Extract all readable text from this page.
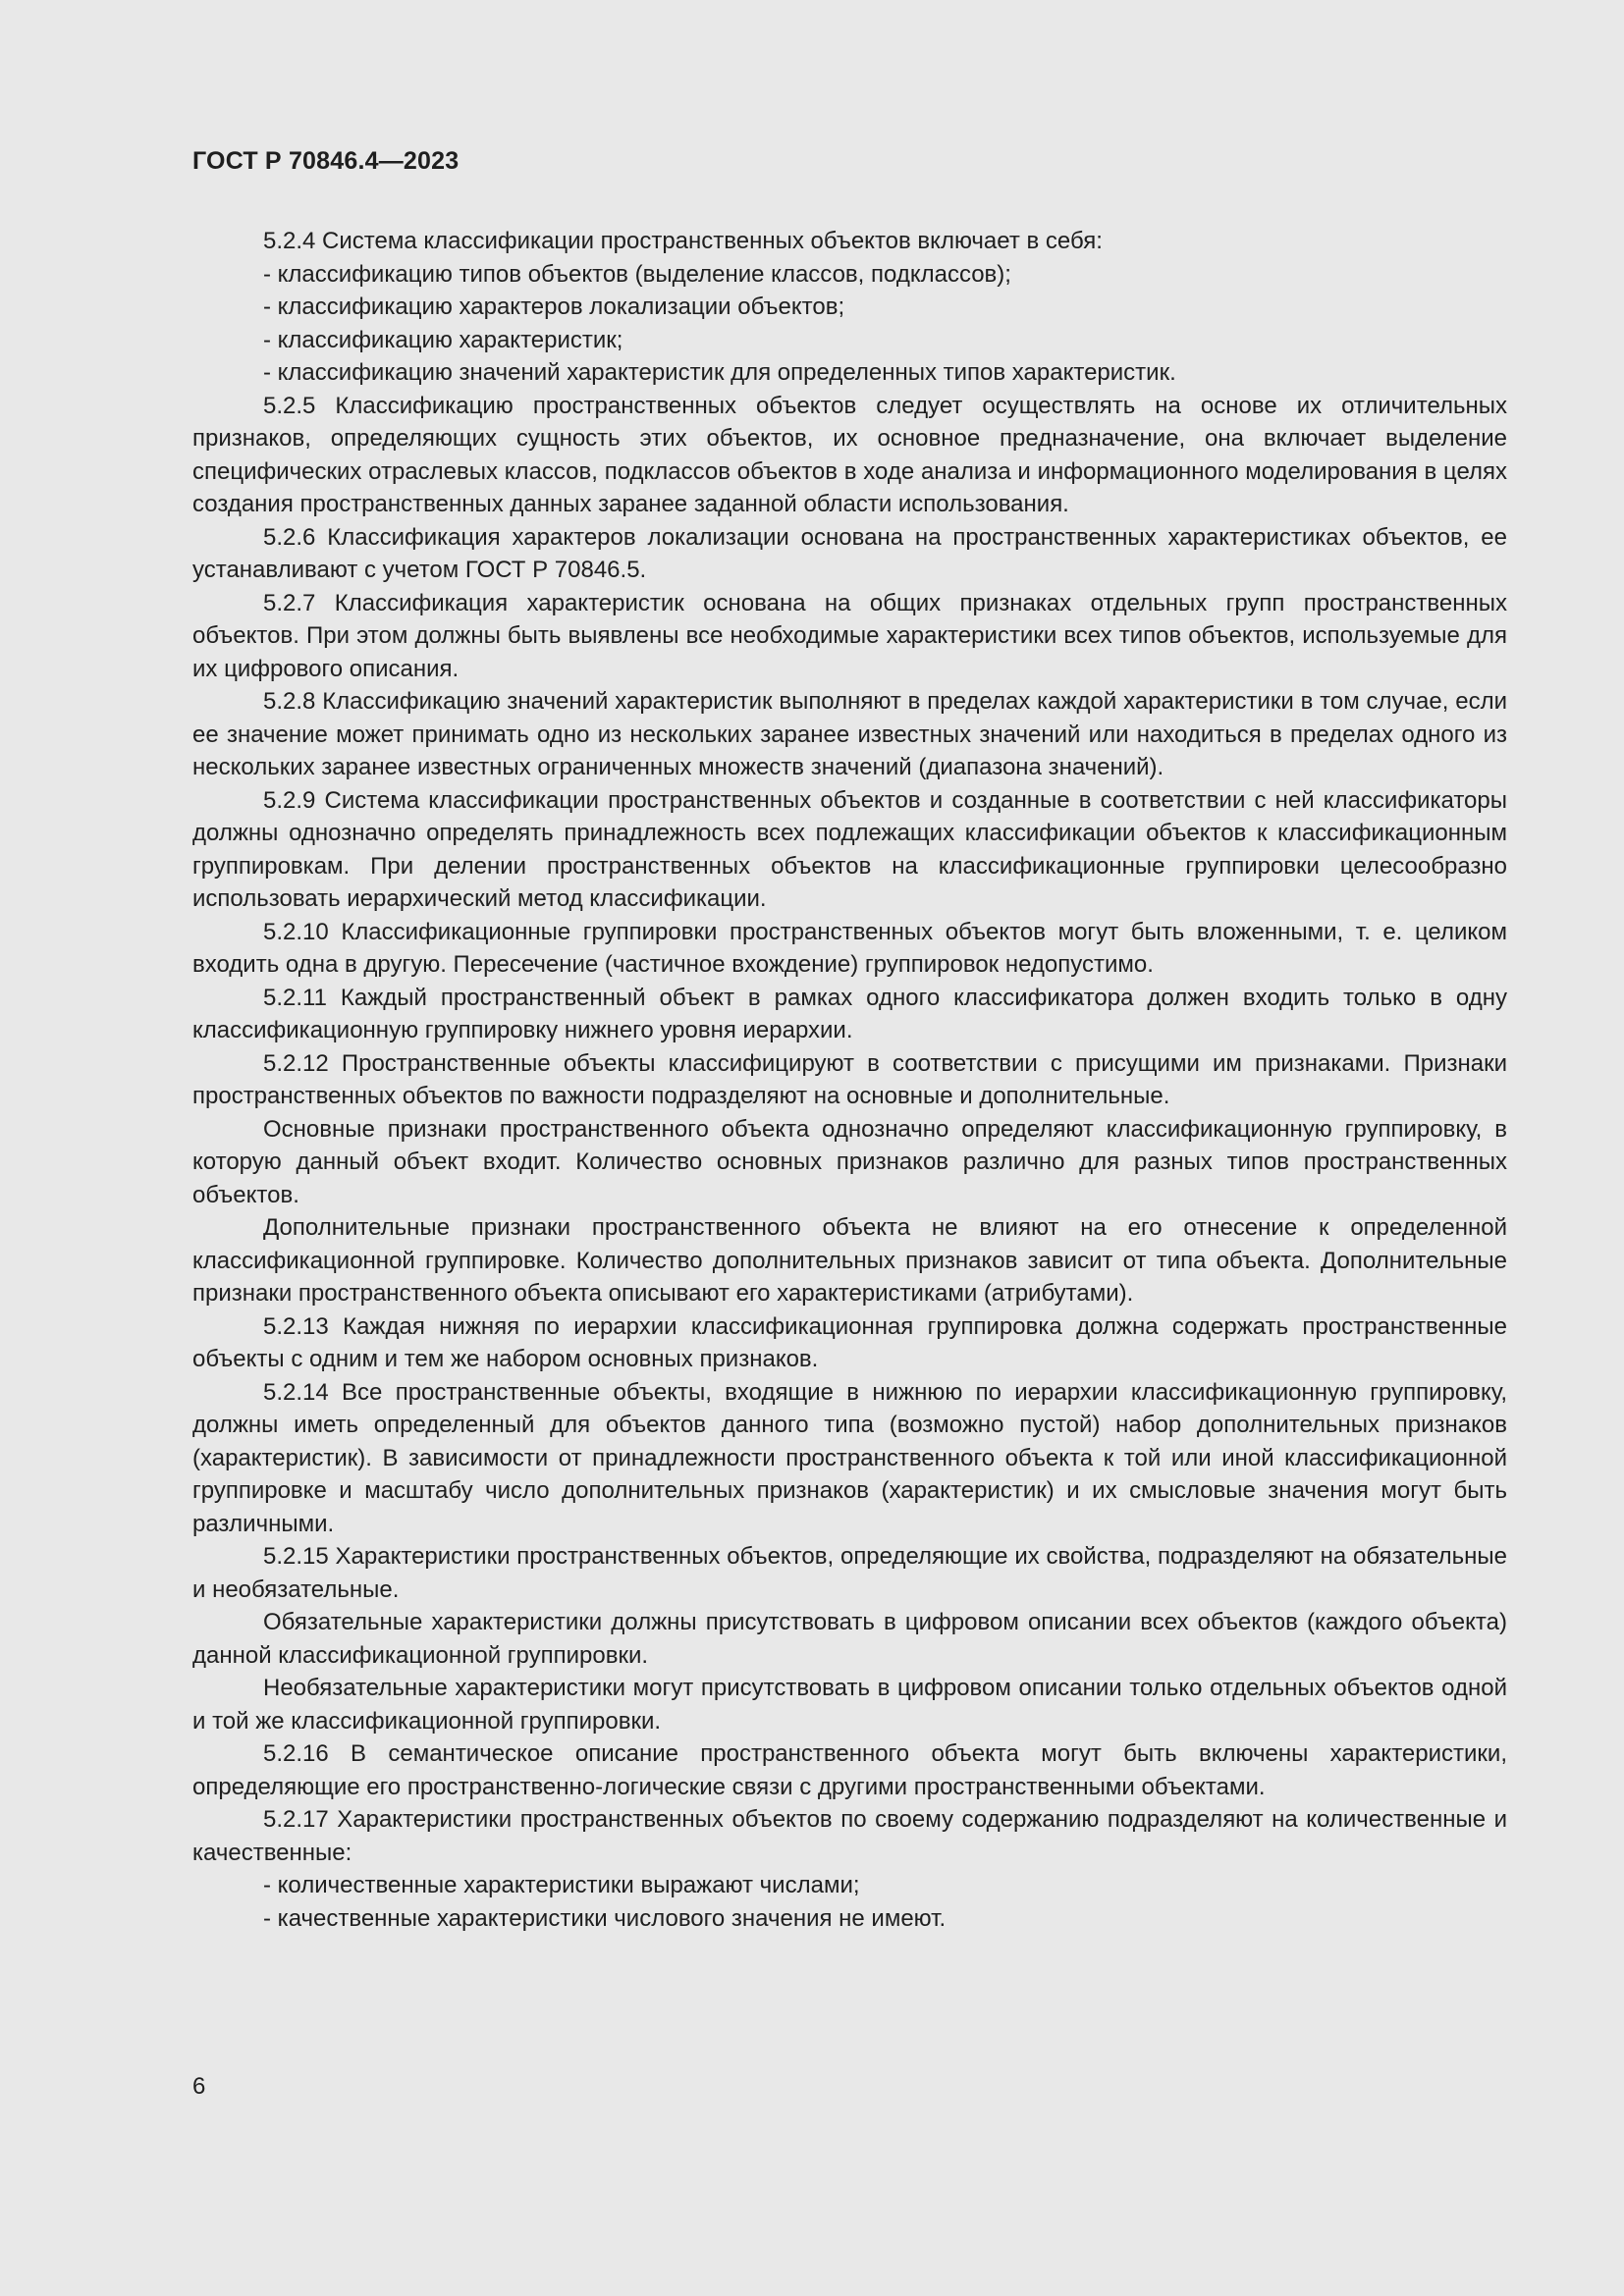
ГОСТ Р 70846.4—2023

5.2.4 Система классификации пространственных объектов включает в себя:

- классификацию типов объектов (выделение классов, подклассов);

- классификацию характеров локализации объектов;

- классификацию характеристик;

- классификацию значений характеристик для определенных типов характеристик.

5.2.5 Классификацию пространственных объектов следует осуществлять на основе их отличительных признаков, определяющих сущность этих объектов, их основное предназначение, она включает выделение специфических отраслевых классов, подклассов объектов в ходе анализа и информационного моделирования в целях создания пространственных данных заранее заданной области использования.

5.2.6 Классификация характеров локализации основана на пространственных характеристиках объектов, ее устанавливают с учетом ГОСТ Р 70846.5.

5.2.7 Классификация характеристик основана на общих признаках отдельных групп пространственных объектов. При этом должны быть выявлены все необходимые характеристики всех типов объектов, используемые для их цифрового описания.

5.2.8 Классификацию значений характеристик выполняют в пределах каждой характеристики в том случае, если ее значение может принимать одно из нескольких заранее известных значений или находиться в пределах одного из нескольких заранее известных ограниченных множеств значений (диапазона значений).

5.2.9 Система классификации пространственных объектов и созданные в соответствии с ней классификаторы должны однозначно определять принадлежность всех подлежащих классификации объектов к классификационным группировкам. При делении пространственных объектов на классификационные группировки целесообразно использовать иерархический метод классификации.

5.2.10 Классификационные группировки пространственных объектов могут быть вложенными, т. е. целиком входить одна в другую. Пересечение (частичное вхождение) группировок недопустимо.

5.2.11 Каждый пространственный объект в рамках одного классификатора должен входить только в одну классификационную группировку нижнего уровня иерархии.

5.2.12 Пространственные объекты классифицируют в соответствии с присущими им признаками. Признаки пространственных объектов по важности подразделяют на основные и дополнительные.

Основные признаки пространственного объекта однозначно определяют классификационную группировку, в которую данный объект входит. Количество основных признаков различно для разных типов пространственных объектов.

Дополнительные признаки пространственного объекта не влияют на его отнесение к определенной классификационной группировке. Количество дополнительных признаков зависит от типа объекта. Дополнительные признаки пространственного объекта описывают его характеристиками (атрибутами).

5.2.13 Каждая нижняя по иерархии классификационная группировка должна содержать пространственные объекты с одним и тем же набором основных признаков.

5.2.14 Все пространственные объекты, входящие в нижнюю по иерархии классификационную группировку, должны иметь определенный для объектов данного типа (возможно пустой) набор дополнительных признаков (характеристик). В зависимости от принадлежности пространственного объекта к той или иной классификационной группировке и масштабу число дополнительных признаков (характеристик) и их смысловые значения могут быть различными.

5.2.15 Характеристики пространственных объектов, определяющие их свойства, подразделяют на обязательные и необязательные.

Обязательные характеристики должны присутствовать в цифровом описании всех объектов (каждого объекта) данной классификационной группировки.

Необязательные характеристики могут присутствовать в цифровом описании только отдельных объектов одной и той же классификационной группировки.

5.2.16 В семантическое описание пространственного объекта могут быть включены характеристики, определяющие его пространственно-логические связи с другими пространственными объектами.

5.2.17 Характеристики пространственных объектов по своему содержанию подразделяют на количественные и качественные:

- количественные характеристики выражают числами;

- качественные характеристики числового значения не имеют.

6
